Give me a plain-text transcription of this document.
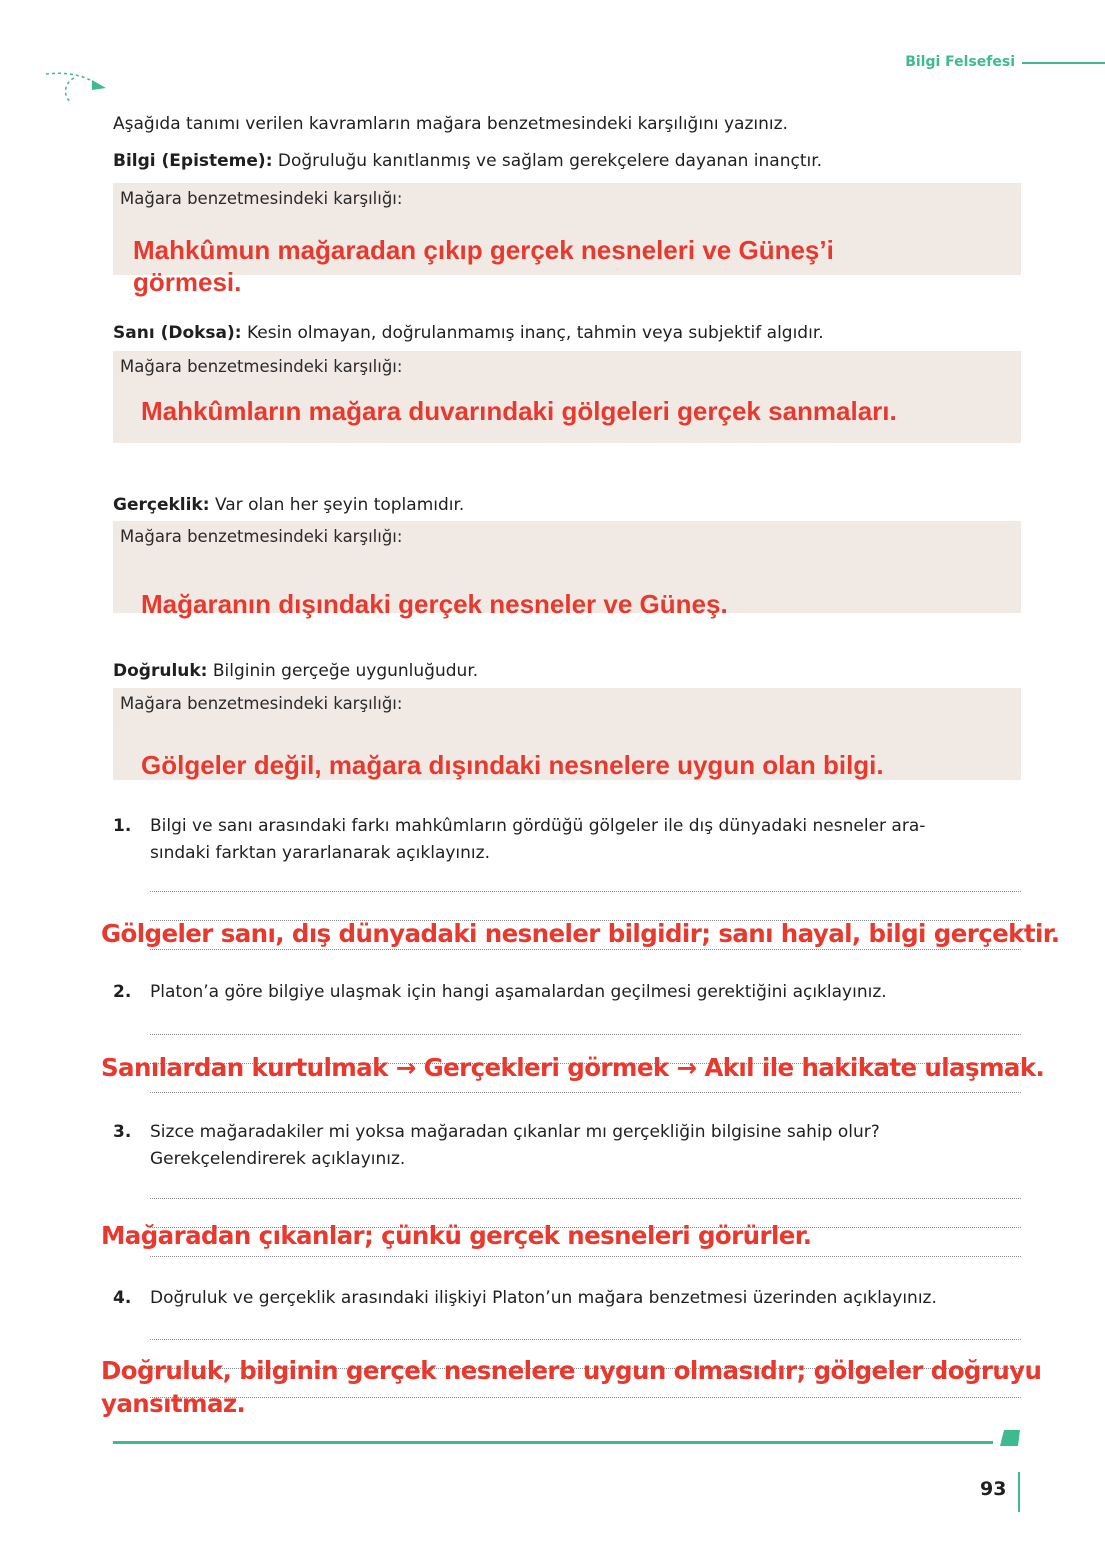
Bilgi Felsefesi
Aşağıda tanımı verilen kavramların mağara benzetmesindeki karşılığını yazınız.
Bilgi (Episteme): Doğruluğu kanıtlanmış ve sağlam gerekçelere dayanan inançtır.
Mağara benzetmesindeki karşılığı:
Mahkûmun mağaradan çıkıp gerçek nesneleri ve Güneş’i
görmesi.
Sanı (Doksa): Kesin olmayan, doğrulanmamış inanç, tahmin veya subjektif algıdır.
Mağara benzetmesindeki karşılığı:
Mahkûmların mağara duvarındaki gölgeleri gerçek sanmaları.
Gerçeklik: Var olan her şeyin toplamıdır.
Mağara benzetmesindeki karşılığı:
Mağaranın dışındaki gerçek nesneler ve Güneş.
Doğruluk: Bilginin gerçeğe uygunluğudur.
Mağara benzetmesindeki karşılığı:
Gölgeler değil, mağara dışındaki nesnelere uygun olan bilgi.
1. Bilgi ve sanı arasındaki farkı mahkûmların gördüğü gölgeler ile dış dünyadaki nesneler ara-
sındaki farktan yararlanarak açıklayınız.
Gölgeler sanı, dış dünyadaki nesneler bilgidir; sanı hayal, bilgi gerçektir.
2. Platon’a göre bilgiye ulaşmak için hangi aşamalardan geçilmesi gerektiğini açıklayınız.
Sanılardan kurtulmak → Gerçekleri görmek → Akıl ile hakikate ulaşmak.
3. Sizce mağaradakiler mi yoksa mağaradan çıkanlar mı gerçekliğin bilgisine sahip olur?
Gerekçelendirerek açıklayınız.
Mağaradan çıkanlar; çünkü gerçek nesneleri görürler.
4. Doğruluk ve gerçeklik arasındaki ilişkiyi Platon’un mağara benzetmesi üzerinden açıklayınız.
Doğruluk, bilginin gerçek nesnelere uygun olmasıdır; gölgeler doğruyu
yansıtmaz.
93
